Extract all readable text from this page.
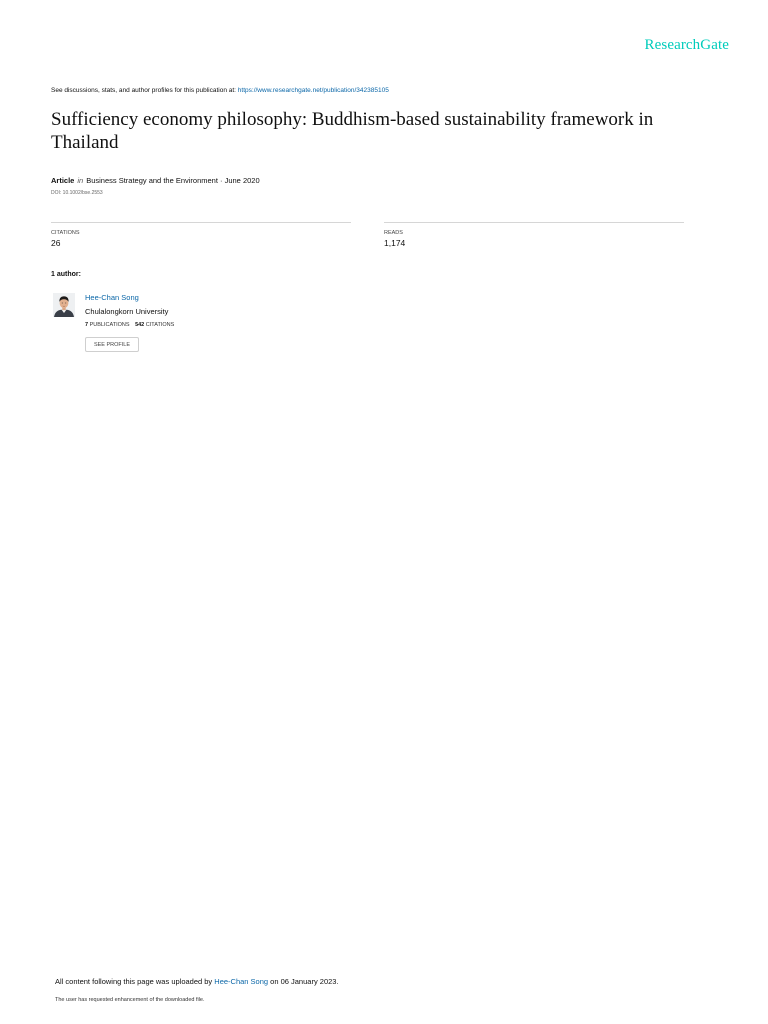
ResearchGate
See discussions, stats, and author profiles for this publication at: https://www.researchgate.net/publication/342385105
Sufficiency economy philosophy: Buddhism-based sustainability framework in Thailand
Article in Business Strategy and the Environment · June 2020
DOI: 10.1002/bse.2553
CITATIONS
26
READS
1,174
1 author:
Hee-Chan Song
Chulalongkorn University
7 PUBLICATIONS 542 CITATIONS
SEE PROFILE
All content following this page was uploaded by Hee-Chan Song on 06 January 2023.
The user has requested enhancement of the downloaded file.
